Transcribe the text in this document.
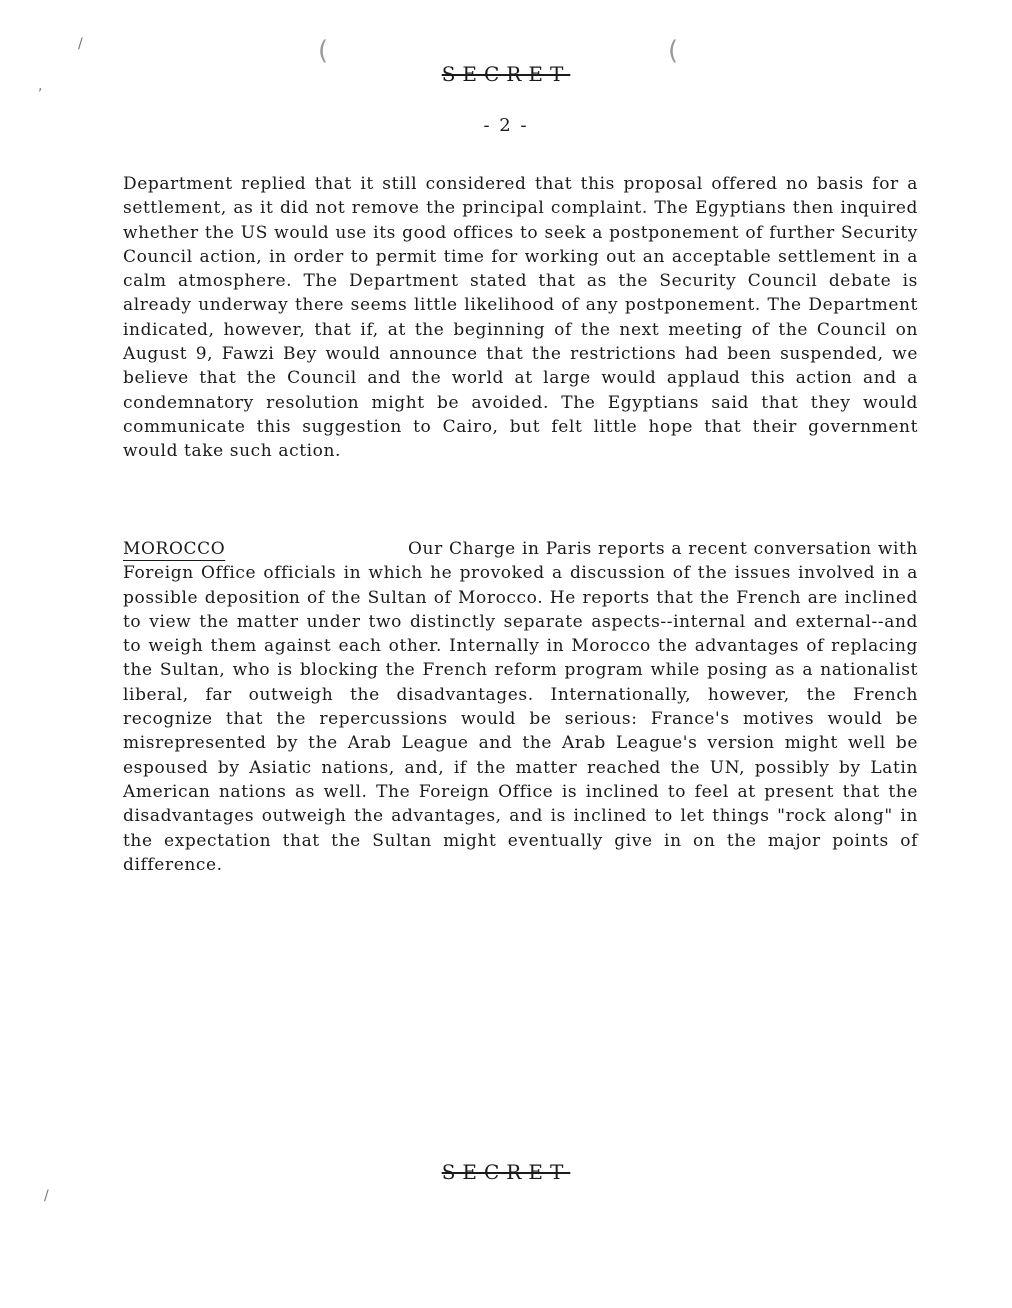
(	(
,
/
/
SECRET
- 2 -

Department replied that it still considered that this proposal offered no basis for a settlement, as it did not remove the principal complaint. The Egyptians then inquired whether the US would use its good offices to seek a postponement of further Security Council action, in order to permit time for working out an acceptable settlement in a calm atmosphere. The Department stated that as the Security Council debate is already underway there seems little likelihood of any postponement. The Department indicated, however, that if, at the beginning of the next meeting of the Council on August 9, Fawzi Bey would announce that the restrictions had been suspended, we believe that the Council and the world at large would applaud this action and a condemnatory resolution might be avoided. The Egyptians said that they would communicate this suggestion to Cairo, but felt little hope that their government would take such action.

MOROCCO	Our Charge in Paris reports a recent conversation with Foreign Office officials in which he provoked a discussion of the issues involved in a possible deposition of the Sultan of Morocco. He reports that the French are inclined to view the matter under two distinctly separate aspects--internal and external--and to weigh them against each other. Internally in Morocco the advantages of replacing the Sultan, who is blocking the French reform program while posing as a nationalist liberal, far outweigh the disadvantages. Internationally, however, the French recognize that the repercussions would be serious: France's motives would be misrepresented by the Arab League and the Arab League's version might well be espoused by Asiatic nations, and, if the matter reached the UN, possibly by Latin American nations as well. The Foreign Office is inclined to feel at present that the disadvantages outweigh the advantages, and is inclined to let things "rock along" in the expectation that the Sultan might eventually give in on the major points of difference.
SECRET
